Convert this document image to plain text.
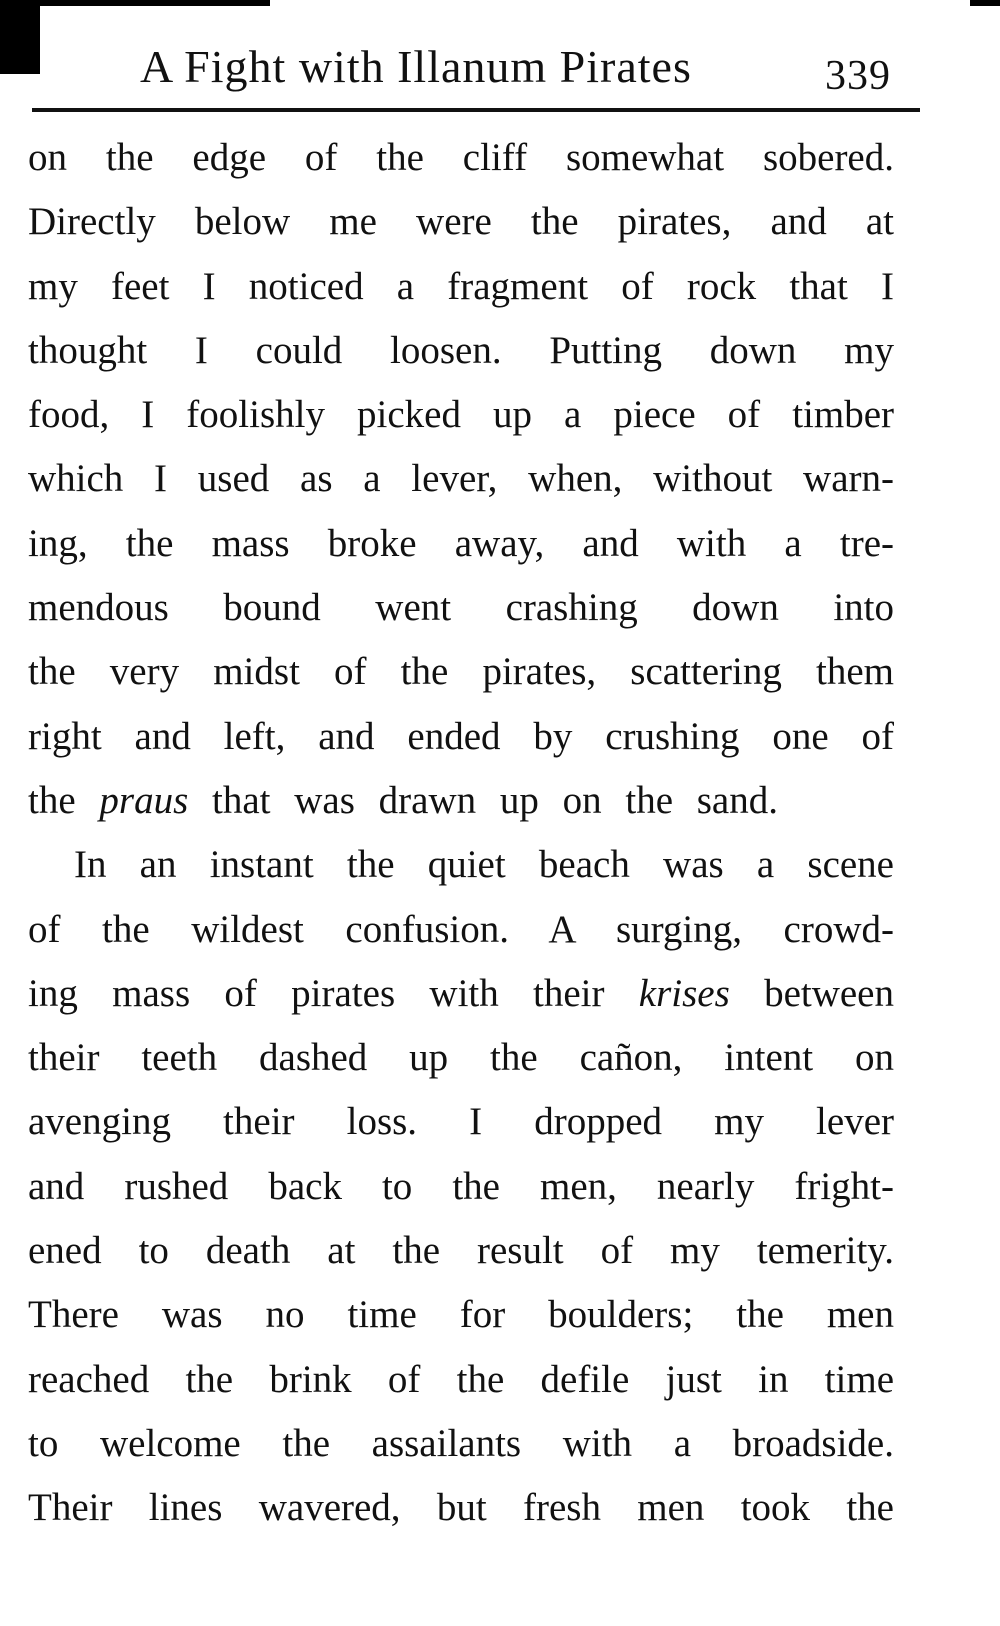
A Fight with Illanum Pirates	339
on the edge of the cliff somewhat sobered.
Directly below me were the pirates, and at
my feet I noticed a fragment of rock that I
thought I could loosen. Putting down my
food, I foolishly picked up a piece of timber
which I used as a lever, when, without warn-
ing, the mass broke away, and with a tre-
mendous bound went crashing down into
the very midst of the pirates, scattering them
right and left, and ended by crushing one of
the praus that was drawn up on the sand.
In an instant the quiet beach was a scene
of the wildest confusion. A surging, crowd-
ing mass of pirates with their krises between
their teeth dashed up the cañon, intent on
avenging their loss. I dropped my lever
and rushed back to the men, nearly fright-
ened to death at the result of my temerity.
There was no time for boulders; the men
reached the brink of the defile just in time
to welcome the assailants with a broadside.
Their lines wavered, but fresh men took the
